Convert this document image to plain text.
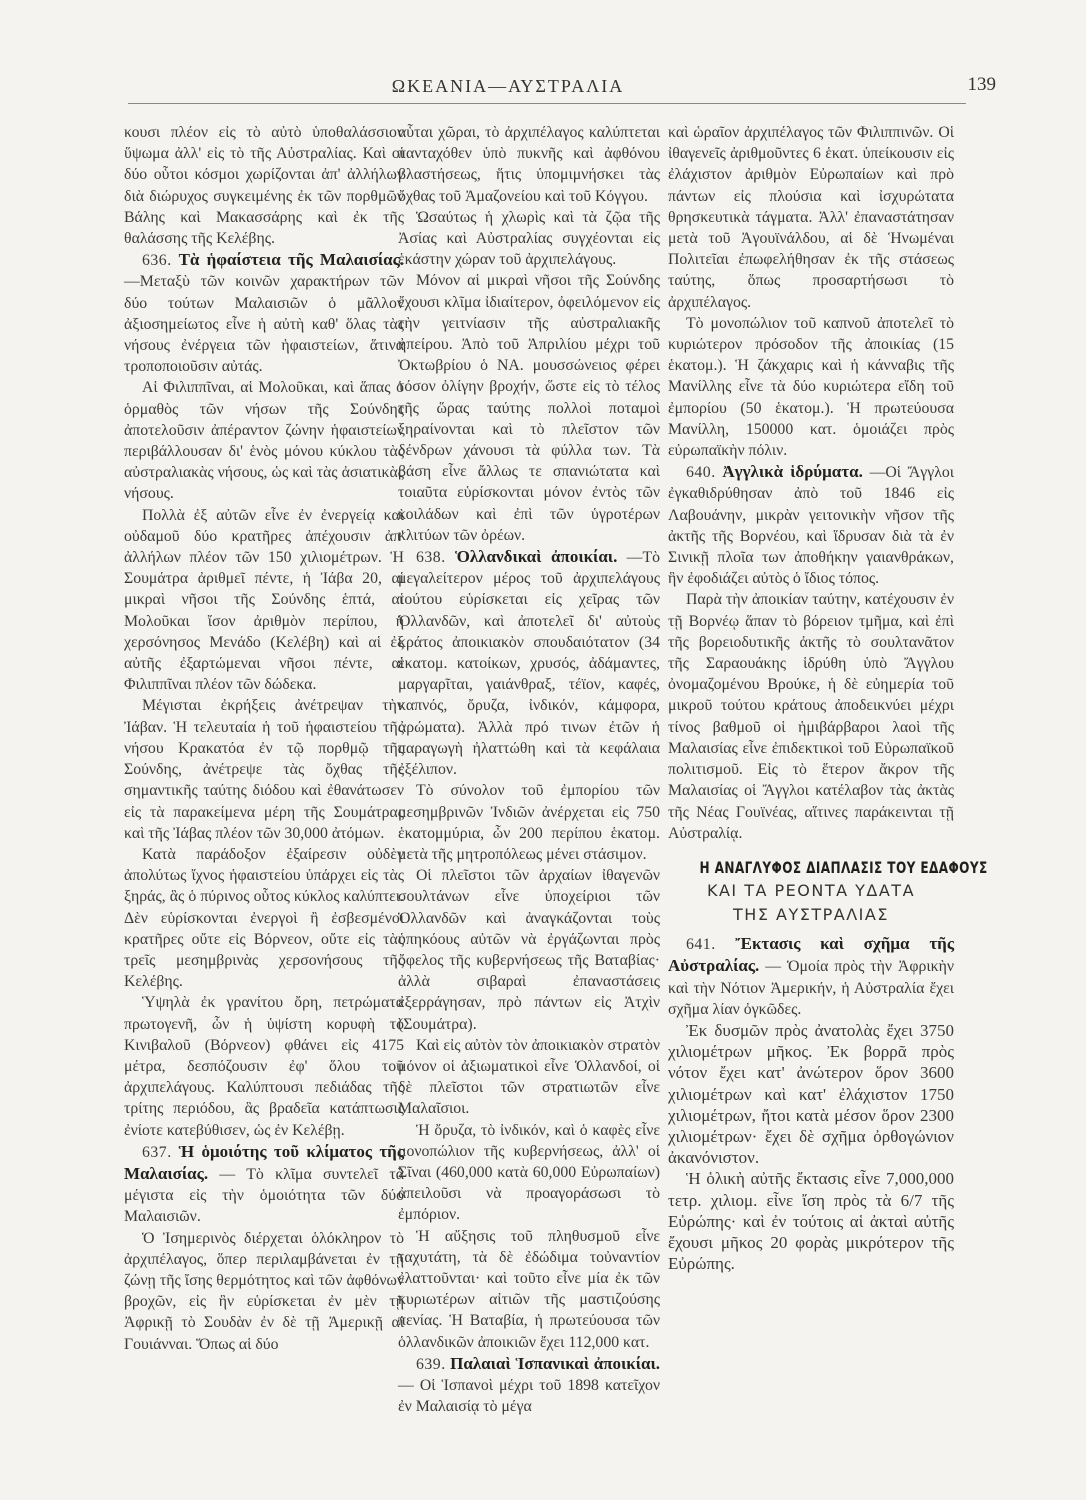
ΩΚΕΑΝΙΑ—ΑΥΣΤΡΑΛΙΑ	139

κουσι πλέον εἰς τὸ αὐτὸ ὑποθαλάσσιον ὕψωμα ἀλλ' εἰς τὸ τῆς Αὐστραλίας. Καὶ οἱ δύο οὗτοι κόσμοι χωρίζονται ἀπ' ἀλλήλων διὰ διώρυχος συγκειμένης ἐκ τῶν πορθμῶν Βάλης καὶ Μακασσάρης καὶ ἐκ τῆς θαλάσσης τῆς Κελέβης.

636. Τὰ ἡφαίστεια τῆς Μαλαισίας. —Μεταξὺ τῶν κοινῶν χαρακτήρων τῶν δύο τούτων Μαλαισιῶν ὁ μᾶλλον ἀξιοσημείωτος εἶνε ἡ αὐτὴ καθ' ὅλας τὰς νήσους ἐνέργεια τῶν ἡφαιστείων, ἅτινα τροποποιοῦσιν αὐτάς.

Αἱ Φιλιππῖναι, αἱ Μολοῦκαι, καὶ ἅπας ὁ ὁρμαθὸς τῶν νήσων τῆς Σούνδης ἀποτελοῦσιν ἀπέραντον ζώνην ἡφαιστείων περιβάλλουσαν δι' ἑνὸς μόνου κύκλου τὰς αὐστραλιακὰς νήσους, ὡς καὶ τὰς ἀσιατικὰς νήσους.

Πολλὰ ἐξ αὐτῶν εἶνε ἐν ἐνεργείᾳ καὶ οὐδαμοῦ δύο κρατῆρες ἀπέχουσιν ἀπ' ἀλλήλων πλέον τῶν 150 χιλιομέτρων. Ἡ Σουμάτρα ἀριθμεῖ πέντε, ἡ Ἰάβα 20, αἱ μικραὶ νῆσοι τῆς Σούνδης ἑπτά, αἱ Μολοῦκαι ἴσον ἀριθμὸν περίπου, ἡ χερσόνησος Μενάδο (Κελέβη) καὶ αἱ ἐξ αὐτῆς ἐξαρτώμεναι νῆσοι πέντε, αἱ Φιλιππῖναι πλέον τῶν δώδεκα.

Μέγισται ἐκρήξεις ἀνέτρεψαν τὴν Ἰάβαν. Ἡ τελευταία ἡ τοῦ ἡφαιστείου τῆς νήσου Κρακατόα ἐν τῷ πορθμῷ τῆς Σούνδης, ἀνέτρεψε τὰς ὄχθας τῆς σημαντικῆς ταύτης διόδου καὶ ἐθανάτωσεν εἰς τὰ παρακείμενα μέρη τῆς Σουμάτρας καὶ τῆς Ἰάβας πλέον τῶν 30,000 ἀτόμων.

Κατὰ παράδοξον ἐξαίρεσιν οὐδὲν ἀπολύτως ἴχνος ἡφαιστείου ὑπάρχει εἰς τὰς ξηράς, ἃς ὁ πύρινος οὗτος κύκλος καλύπτει. Δὲν εὑρίσκονται ἐνεργοὶ ἢ ἐσβεσμένοι κρατῆρες οὔτε εἰς Βόρνεον, οὔτε εἰς τὰς τρεῖς μεσημβρινὰς χερσονήσους τῆς Κελέβης.

Ὑψηλὰ ἐκ γρανίτου ὄρη, πετρώματα πρωτογενῆ, ὧν ἡ ὑψίστη κορυφὴ τὸ Κινιβαλοῦ (Βόρνεον) φθάνει εἰς 4175 μέτρα, δεσπόζουσιν ἐφ' ὅλου τοῦ ἀρχιπελάγους. Καλύπτουσι πεδιάδας τῆς τρίτης περιόδου, ἃς βραδεῖα κατάπτωσις ἐνίοτε κατεβύθισεν, ὡς ἐν Κελέβῃ.

637. Ἡ ὁμοιότης τοῦ κλίματος τῆς Μαλαισίας. — Τὸ κλῖμα συντελεῖ τὰ μέγιστα εἰς τὴν ὁμοιότητα τῶν δύο Μαλαισιῶν.

Ὁ Ἰσημερινὸς διέρχεται ὁλόκληρον τὸ ἀρχιπέλαγος, ὅπερ περιλαμβάνεται ἐν τῇ ζώνῃ τῆς ἴσης θερμότητος καὶ τῶν ἀφθόνων βροχῶν, εἰς ἣν εὑρίσκεται ἐν μὲν τῇ Ἀφρικῇ τὸ Σουδὰν ἐν δὲ τῇ Ἀμερικῇ αἱ Γουιάνναι. Ὅπως αἱ δύο

αὗται χῶραι, τὸ ἀρχιπέλαγος καλύπτεται πανταχόθεν ὑπὸ πυκνῆς καὶ ἀφθόνου βλαστήσεως, ἥτις ὑπομιμνήσκει τὰς ὄχθας τοῦ Ἀμαζονείου καὶ τοῦ Κόγγου.

Ὡσαύτως ἡ χλωρὶς καὶ τὰ ζῷα τῆς Ἀσίας καὶ Αὐστραλίας συγχέονται εἰς ἑκάστην χώραν τοῦ ἀρχιπελάγους.

Μόνον αἱ μικραὶ νῆσοι τῆς Σούνδης ἔχουσι κλῖμα ἰδιαίτερον, ὀφειλόμενον εἰς τὴν γειτνίασιν τῆς αὐστραλιακῆς ἠπείρου. Ἀπὸ τοῦ Ἀπριλίου μέχρι τοῦ Ὀκτωβρίου ὁ ΝΑ. μουσσώνειος φέρει τόσον ὀλίγην βροχήν, ὥστε εἰς τὸ τέλος τῆς ὥρας ταύτης πολλοὶ ποταμοὶ ξηραίνονται καὶ τὸ πλεῖστον τῶν δένδρων χάνουσι τὰ φύλλα των. Τὰ βάση εἶνε ἄλλως τε σπανιώτατα καὶ τοιαῦτα εὑρίσκονται μόνον ἐντὸς τῶν κοιλάδων καὶ ἐπὶ τῶν ὑγροτέρων κλιτύων τῶν ὀρέων.

638. Ὁλλανδικαὶ ἀποικίαι. —Τὸ μεγαλείτερον μέρος τοῦ ἀρχιπελάγους τούτου εὑρίσκεται εἰς χεῖρας τῶν Ὁλλανδῶν, καὶ ἀποτελεῖ δι' αὐτοὺς κράτος ἀποικιακὸν σπουδαιότατον (34 ἑκατομ. κατοίκων, χρυσός, ἀδάμαντες, μαργαρῖται, γαιάνθραξ, τέϊον, καφές, καπνός, ὄρυζα, ἰνδικόν, κάμφορα, ἀρώματα). Ἀλλὰ πρό τινων ἐτῶν ἡ παραγωγὴ ἠλαττώθη καὶ τὰ κεφάλαια ἐξέλιπον.

Τὸ σύνολον τοῦ ἐμπορίου τῶν μεσημβρινῶν Ἰνδιῶν ἀνέρχεται εἰς 750 ἑκατομμύρια, ὧν 200 περίπου ἑκατομ. μετὰ τῆς μητροπόλεως μένει στάσιμον.

Οἱ πλεῖστοι τῶν ἀρχαίων ἰθαγενῶν σουλτάνων εἶνε ὑποχείριοι τῶν Ὁλλανδῶν καὶ ἀναγκάζονται τοὺς ὑπηκόους αὐτῶν νὰ ἐργάζωνται πρὸς ὄφελος τῆς κυβερνήσεως τῆς Βαταβίας· ἀλλὰ σιβαραὶ ἐπαναστάσεις ἐξερράγησαν, πρὸ πάντων εἰς Ἀτχὶν (Σουμάτρα).

Καὶ εἰς αὐτὸν τὸν ἀποικιακὸν στρατὸν μόνον οἱ ἀξιωματικοὶ εἶνε Ὁλλανδοί, οἱ δὲ πλεῖστοι τῶν στρατιωτῶν εἶνε Μαλαῖσιοι.

Ἡ ὄρυζα, τὸ ἰνδικόν, καὶ ὁ καφὲς εἶνε μονοπώλιον τῆς κυβερνήσεως, ἀλλ' οἱ Σῖναι (460,000 κατὰ 60,000 Εὐρωπαίων) ἀπειλοῦσι νὰ προαγοράσωσι τὸ ἐμπόριον.

Ἡ αὔξησις τοῦ πληθυσμοῦ εἶνε ταχυτάτη, τὰ δὲ ἐδώδιμα τοὐναντίον ἐλαττοῦνται· καὶ τοῦτο εἶνε μία ἐκ τῶν κυριωτέρων αἰτιῶν τῆς μαστιζούσης πενίας. Ἡ Βαταβία, ἡ πρωτεύουσα τῶν ὁλλανδικῶν ἀποικιῶν ἔχει 112,000 κατ.

639. Παλαιαὶ Ἱσπανικαὶ ἀποικίαι. — Οἱ Ἱσπανοὶ μέχρι τοῦ 1898 κατεῖχον ἐν Μαλαισίᾳ τὸ μέγα

καὶ ὡραῖον ἀρχιπέλαγος τῶν Φιλιππινῶν. Οἱ ἰθαγενεῖς ἀριθμοῦντες 6 ἑκατ. ὑπείκουσιν εἰς ἐλάχιστον ἀριθμὸν Εὐρωπαίων καὶ πρὸ πάντων εἰς πλούσια καὶ ἰσχυρώτατα θρησκευτικὰ τάγματα. Ἀλλ' ἐπαναστάτησαν μετὰ τοῦ Ἀγουϊνάλδου, αἱ δὲ Ἡνωμέναι Πολιτεῖαι ἐπωφελήθησαν ἐκ τῆς στάσεως ταύτης, ὅπως προσαρτήσωσι τὸ ἀρχιπέλαγος.

Τὸ μονοπώλιον τοῦ καπνοῦ ἀποτελεῖ τὸ κυριώτερον πρόσοδον τῆς ἀποικίας (15 ἑκατομ.). Ἡ ζάκχαρις καὶ ἡ κάνναβις τῆς Μανίλλης εἶνε τὰ δύο κυριώτερα εἴδη τοῦ ἐμπορίου (50 ἑκατομ.). Ἡ πρωτεύουσα Μανίλλη, 150000 κατ. ὁμοιάζει πρὸς εὐρωπαϊκὴν πόλιν.

640. Ἀγγλικὰ ἱδρύματα. —Οἱ Ἄγγλοι ἐγκαθιδρύθησαν ἀπὸ τοῦ 1846 εἰς Λαβουάνην, μικρὰν γειτονικὴν νῆσον τῆς ἀκτῆς τῆς Βορνέου, καὶ ἵδρυσαν διὰ τὰ ἐν Σινικῇ πλοῖα των ἀποθήκην γαιανθράκων, ἣν ἐφοδιάζει αὐτὸς ὁ ἴδιος τόπος.

Παρὰ τὴν ἀποικίαν ταύτην, κατέχουσιν ἐν τῇ Βορνέῳ ἅπαν τὸ βόρειον τμῆμα, καὶ ἐπὶ τῆς βορειοδυτικῆς ἀκτῆς τὸ σουλτανᾶτον τῆς Σαραουάκης ἱδρύθη ὑπὸ Ἄγγλου ὀνομαζομένου Βρούκε, ἡ δὲ εὐημερία τοῦ μικροῦ τούτου κράτους ἀποδεικνύει μέχρι τίνος βαθμοῦ οἱ ἡμιβάρβαροι λαοὶ τῆς Μαλαισίας εἶνε ἐπιδεκτικοὶ τοῦ Εὐρωπαϊκοῦ πολιτισμοῦ. Εἰς τὸ ἕτερον ἄκρον τῆς Μαλαισίας οἱ Ἄγγλοι κατέλαβον τὰς ἀκτὰς τῆς Νέας Γουϊνέας, αἵτινες παράκεινται τῇ Αὐστραλίᾳ.

Η ΑΝΑΓΛΥΦΟΣ ΔΙΑΠΛΑΣΙΣ ΤΟΥ ΕΔΑΦΟΥΣ
ΚΑΙ ΤΑ ΡΕΟΝΤΑ ΥΔΑΤΑ
ΤΗΣ ΑΥΣΤΡΑΛΙΑΣ

641. Ἔκτασις καὶ σχῆμα τῆς Αὐστραλίας. — Ὁμοία πρὸς τὴν Ἀφρικὴν καὶ τὴν Νότιον Ἀμερικήν, ἡ Αὐστραλία ἔχει σχῆμα λίαν ὀγκῶδες.

Ἐκ δυσμῶν πρὸς ἀνατολὰς ἔχει 3750 χιλιομέτρων μῆκος. Ἐκ βορρᾶ πρὸς νότον ἔχει κατ' ἀνώτερον ὅρον 3600 χιλιομέτρων καὶ κατ' ἐλάχιστον 1750 χιλιομέτρων, ἤτοι κατὰ μέσον ὅρον 2300 χιλιομέτρων· ἔχει δὲ σχῆμα ὀρθογώνιον ἀκανόνιστον.

Ἡ ὁλικὴ αὐτῆς ἔκτασις εἶνε 7,000,000 τετρ. χιλιομ. εἶνε ἴση πρὸς τὰ 6/7 τῆς Εὐρώπης· καὶ ἐν τούτοις αἱ ἀκταὶ αὐτῆς ἔχουσι μῆκος 20 φορὰς μικρότερον τῆς Εὐρώπης.
